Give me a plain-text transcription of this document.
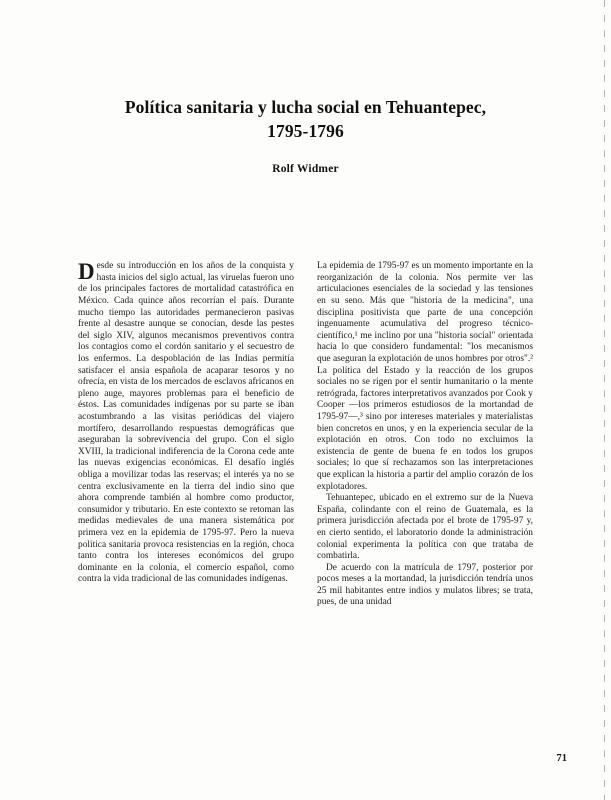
Política sanitaria y lucha social en Tehuantepec,
1795-1796
Rolf Widmer

Desde su introducción en los años de la conquista y hasta inicios del siglo actual, las viruelas fueron uno de los principales factores de mortalidad catastrófica en México. Cada quince años recorrían el país. Durante mucho tiempo las autoridades permanecieron pasivas frente al desastre aunque se conocían, desde las pestes del siglo XIV, algunos mecanismos preventivos contra los contagios como el cordón sanitario y el secuestro de los enfermos. La despoblación de las Indias permitía satisfacer el ansia española de acaparar tesoros y no ofrecía, en vista de los mercados de esclavos africanos en pleno auge, mayores problemas para el beneficio de éstos. Las comunidades indígenas por su parte se iban acostumbrando a las visitas periódicas del viajero mortífero, desarrollando respuestas demográficas que aseguraban la sobrevivencia del grupo. Con el siglo XVIII, la tradicional indiferencia de la Corona cede ante las nuevas exigencias económicas. El desafío inglés obliga a movilizar todas las reservas; el interés ya no se centra exclusivamente en la tierra del indio sino que ahora comprende también al hombre como productor, consumidor y tributario. En este contexto se retoman las medidas medievales de una manera sistemática por primera vez en la epidemia de 1795-97. Pero la nueva política sanitaria provoca resistencias en la región, choca tanto contra los intereses económicos del grupo dominante en la colonia, el comercio español, como contra la vida tradicional de las comunidades indígenas.

La epidemia de 1795-97 es un momento importante en la reorganización de la colonia. Nos permite ver las articulaciones esenciales de la sociedad y las tensiones en su seno. Más que "historia de la medicina", una disciplina positivista que parte de una concepción ingenuamente acumulativa del progreso técnico-científico,¹ me inclino por una "historia social" orientada hacia lo que considero fundamental: "los mecanismos que aseguran la explotación de unos hombres por otros".² La política del Estado y la reacción de los grupos sociales no se rigen por el sentir humanitario o la mente retrógrada, factores interpretativos avanzados por Cook y Cooper —los primeros estudiosos de la mortandad de 1795-97—,³ sino por intereses materiales y materialistas bien concretos en unos, y en la experiencia secular de la explotación en otros. Con todo no excluimos la existencia de gente de buena fe en todos los grupos sociales; lo que sí rechazamos son las interpretaciones que explican la historia a partir del amplio corazón de los explotadores.

Tehuantepec, ubicado en el extremo sur de la Nueva España, colindante con el reino de Guatemala, es la primera jurisdicción afectada por el brote de 1795-97 y, en cierto sentido, el laboratorio donde la administración colonial experimenta la política con que trataba de combatirla.

De acuerdo con la matrícula de 1797, posterior por pocos meses a la mortandad, la jurisdicción tendría unos 25 mil habitantes entre indios y mulatos libres; se trata, pues, de una unidad

71
